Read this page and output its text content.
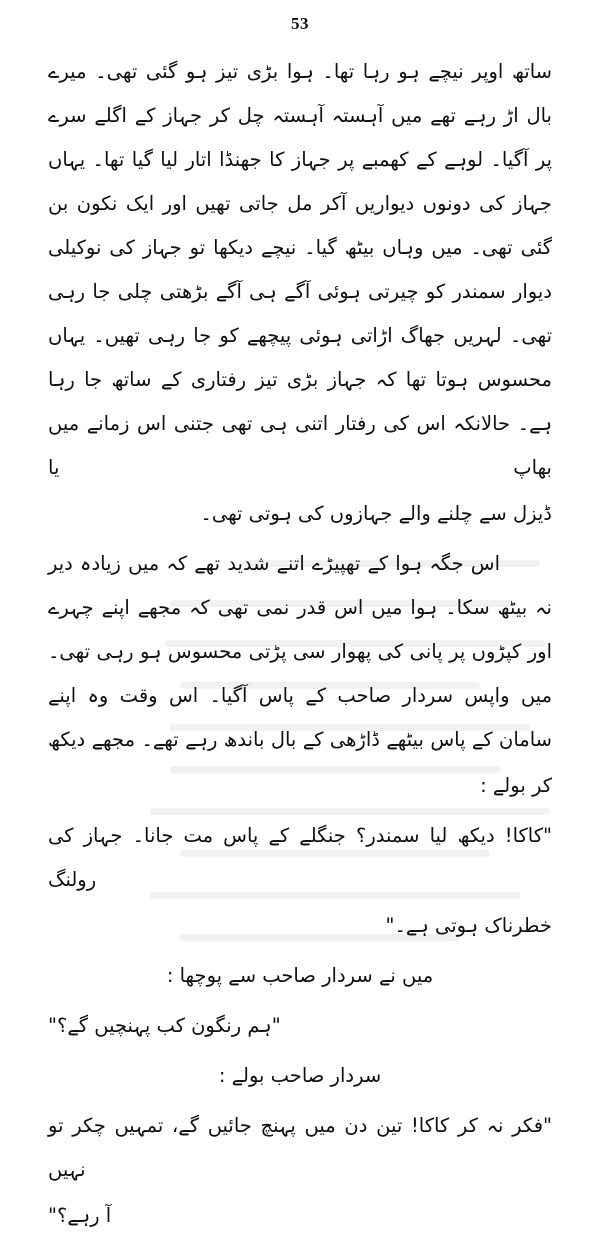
53

ساتھ اوپر نیچے ہو رہا تھا۔ ہوا بڑی تیز ہو گئی تھی۔ میرے بال اڑ رہے تھے میں آہستہ آہستہ چل کر جہاز کے اگلے سرے پر آگیا۔ لوہے کے کھمبے پر جہاز کا جھنڈا اتار لیا گیا تھا۔ یہاں جہاز کی دونوں دیواریں آکر مل جاتی تھیں اور ایک نکون بن گئی تھی۔ میں وہاں بیٹھ گیا۔ نیچے دیکھا تو جہاز کی نوکیلی دیوار سمندر کو چیرتی ہوئی آگے ہی آگے بڑھتی چلی جا رہی تھی۔ لہریں جھاگ اڑاتی ہوئی پیچھے کو جا رہی تھیں۔ یہاں محسوس ہوتا تھا کہ جہاز بڑی تیز رفتاری کے ساتھ جا رہا ہے۔ حالانکہ اس کی رفتار اتنی ہی تھی جتنی اس زمانے میں بھاپ یا

ڈیزل سے چلنے والے جہازوں کی ہوتی تھی۔

اس جگہ ہوا کے تھپیڑے اتنے شدید تھے کہ میں زیادہ دیر نہ بیٹھ سکا۔ ہوا میں اس قدر نمی تھی کہ مجھے اپنے چہرے اور کپڑوں پر پانی کی پھوار سی پڑتی محسوس ہو رہی تھی۔ میں واپس سردار صاحب کے پاس آگیا۔ اس وقت وہ اپنے سامان کے پاس بیٹھے ڈاڑھی کے بال باندھ رہے تھے۔ مجھے دیکھ

کر بولے :

"کاکا! دیکھ لیا سمندر؟ جنگلے کے پاس مت جانا۔ جہاز کی رولنگ

خطرناک ہوتی ہے۔"

میں نے سردار صاحب سے پوچھا :

"ہم رنگون کب پہنچیں گے؟"

سردار صاحب بولے :

"فکر نہ کر کاکا! تین دن میں پہنچ جائیں گے، تمہیں چکر تو نہیں

آ رہے؟"
